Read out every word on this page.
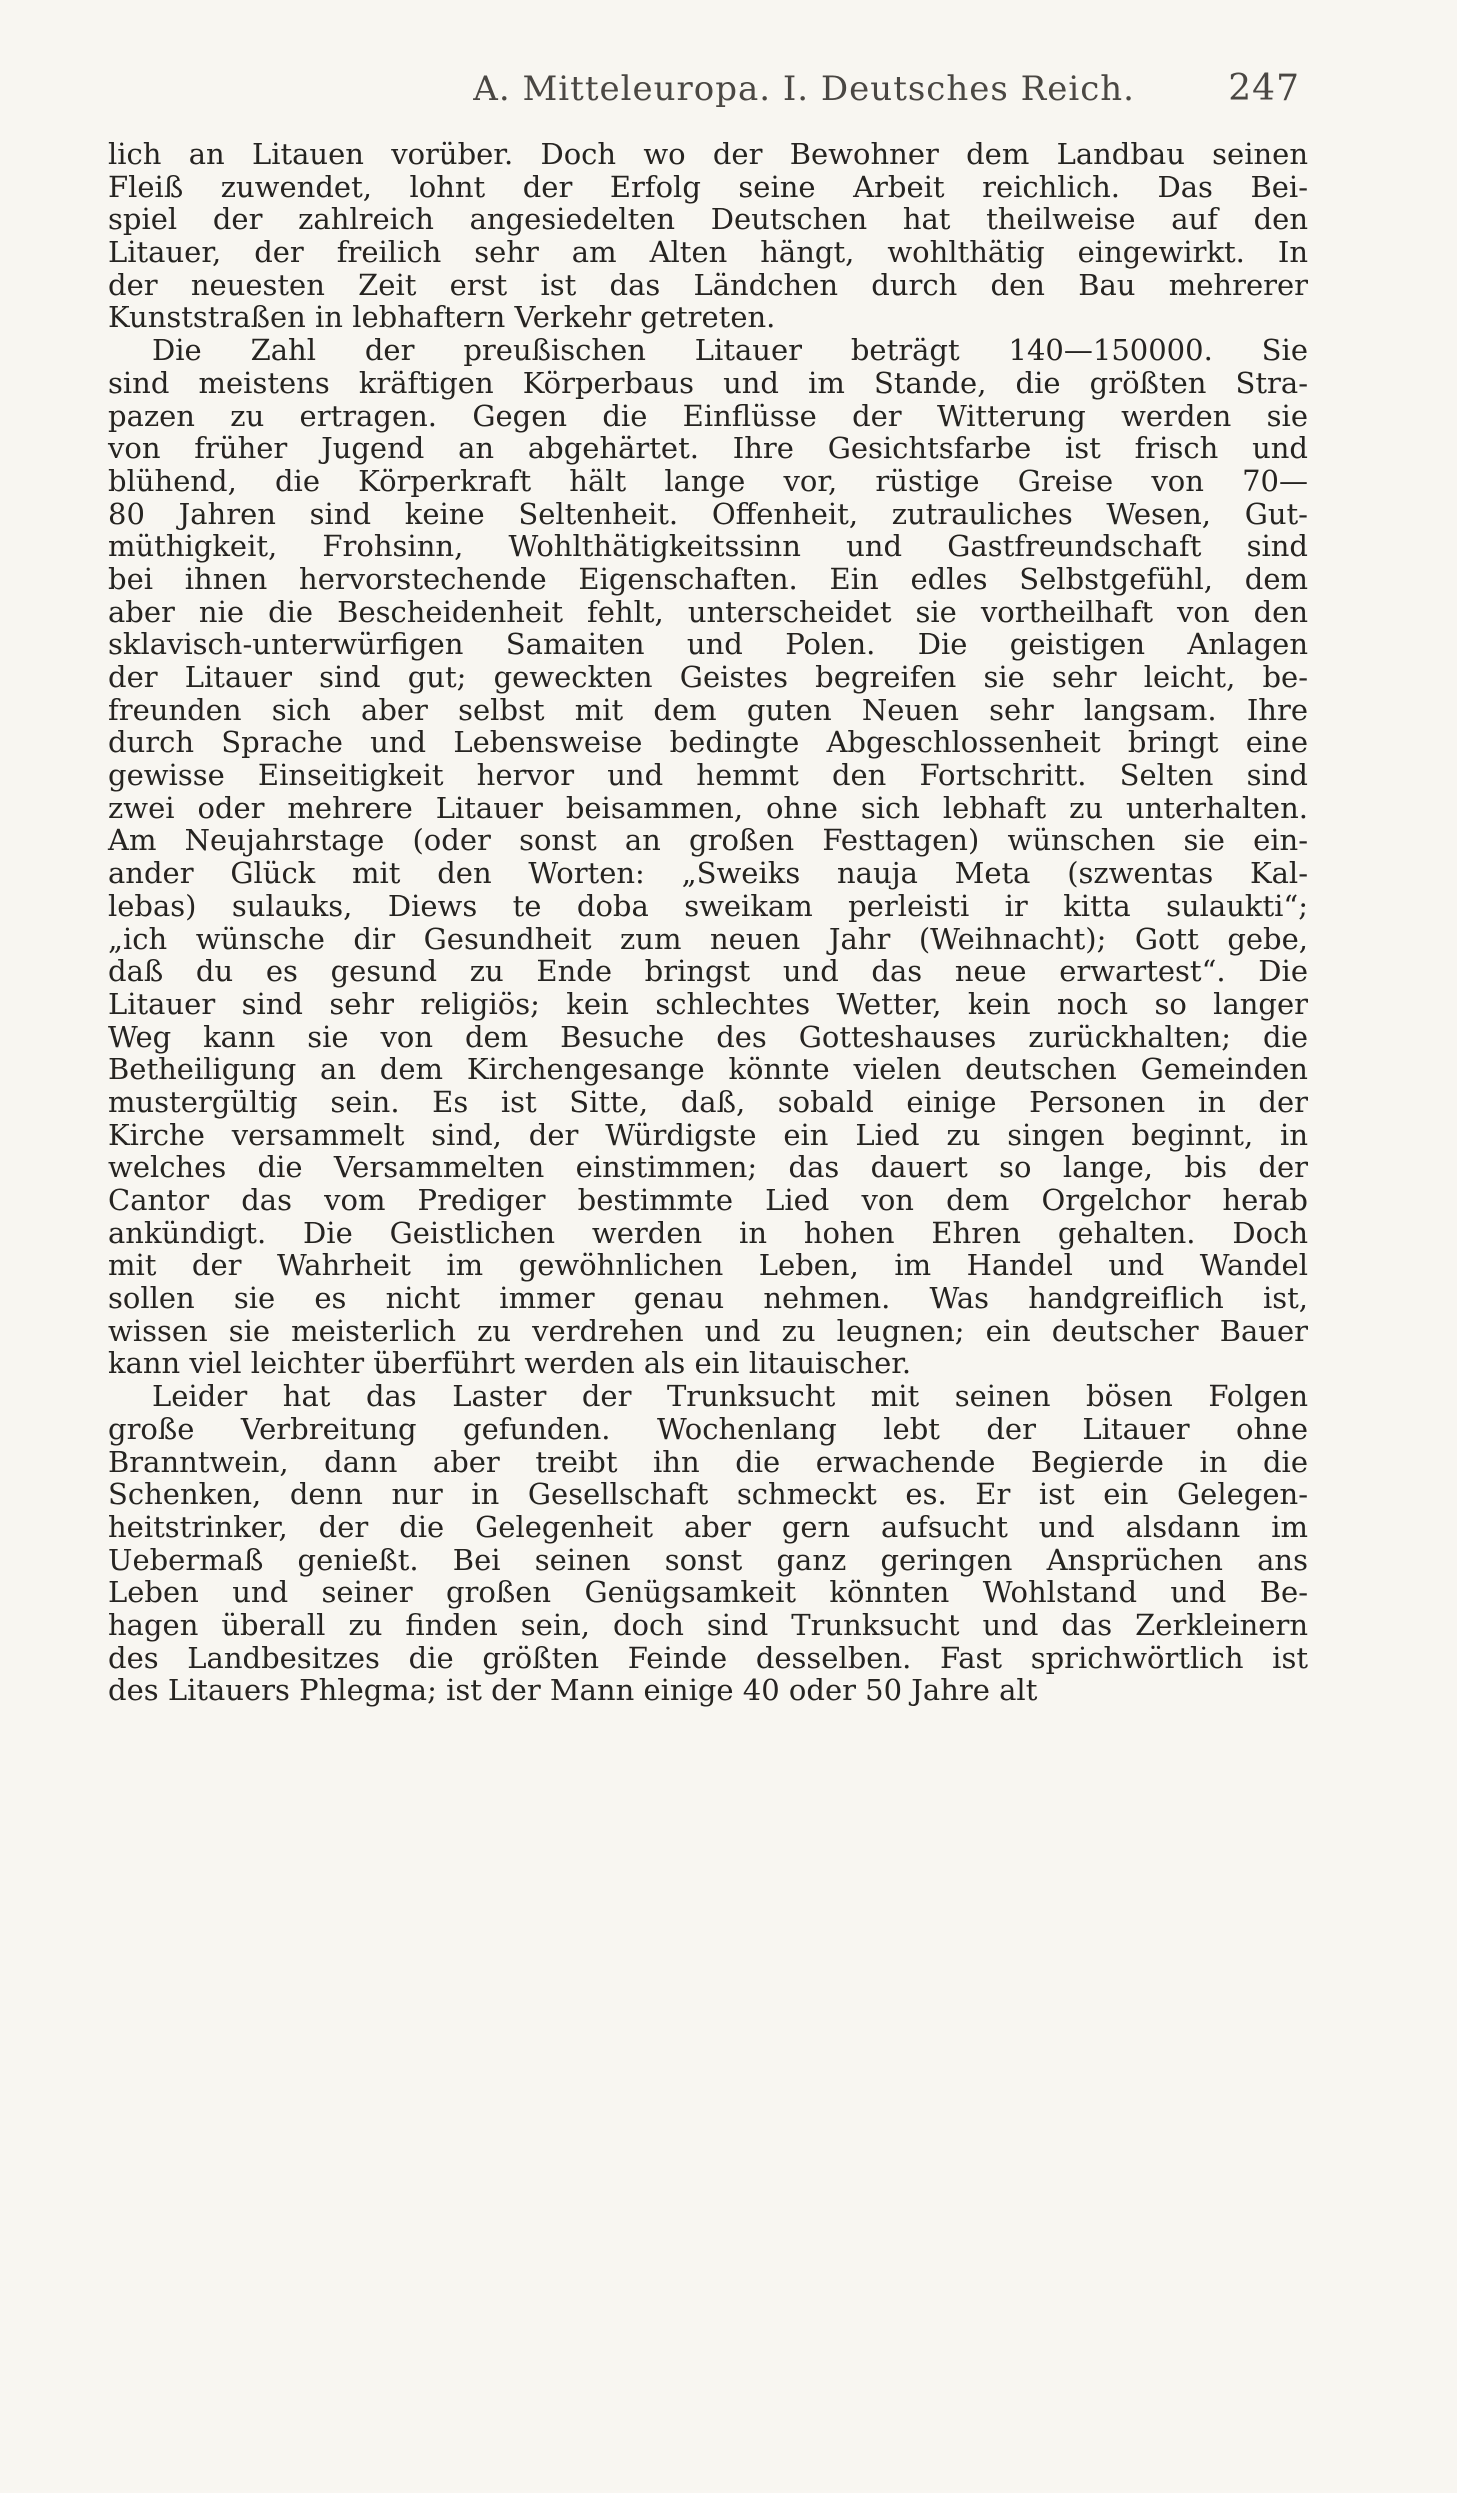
A. Mitteleuropa. I. Deutsches Reich.	247
lich an Litauen vorüber. Doch wo der Bewohner dem Landbau seinen
Fleiß zuwendet, lohnt der Erfolg seine Arbeit reichlich. Das Bei-
spiel der zahlreich angesiedelten Deutschen hat theilweise auf den
Litauer, der freilich sehr am Alten hängt, wohlthätig eingewirkt. In
der neuesten Zeit erst ist das Ländchen durch den Bau mehrerer
Kunststraßen in lebhaftern Verkehr getreten.
Die Zahl der preußischen Litauer beträgt 140—150000. Sie
sind meistens kräftigen Körperbaus und im Stande, die größten Stra-
pazen zu ertragen. Gegen die Einflüsse der Witterung werden sie
von früher Jugend an abgehärtet. Ihre Gesichtsfarbe ist frisch und
blühend, die Körperkraft hält lange vor, rüstige Greise von 70—
80 Jahren sind keine Seltenheit. Offenheit, zutrauliches Wesen, Gut-
müthigkeit, Frohsinn, Wohlthätigkeitssinn und Gastfreundschaft sind
bei ihnen hervorstechende Eigenschaften. Ein edles Selbstgefühl, dem
aber nie die Bescheidenheit fehlt, unterscheidet sie vortheilhaft von den
sklavisch-unterwürfigen Samaiten und Polen. Die geistigen Anlagen
der Litauer sind gut; geweckten Geistes begreifen sie sehr leicht, be-
freunden sich aber selbst mit dem guten Neuen sehr langsam. Ihre
durch Sprache und Lebensweise bedingte Abgeschlossenheit bringt eine
gewisse Einseitigkeit hervor und hemmt den Fortschritt. Selten sind
zwei oder mehrere Litauer beisammen, ohne sich lebhaft zu unterhalten.
Am Neujahrstage (oder sonst an großen Festtagen) wünschen sie ein-
ander Glück mit den Worten: „Sweiks nauja Meta (szwentas Kal-
lebas) sulauks, Diews te doba sweikam perleisti ir kitta sulaukti“;
„ich wünsche dir Gesundheit zum neuen Jahr (Weihnacht); Gott gebe,
daß du es gesund zu Ende bringst und das neue erwartest“. Die
Litauer sind sehr religiös; kein schlechtes Wetter, kein noch so langer
Weg kann sie von dem Besuche des Gotteshauses zurückhalten; die
Betheiligung an dem Kirchengesange könnte vielen deutschen Gemeinden
mustergültig sein. Es ist Sitte, daß, sobald einige Personen in der
Kirche versammelt sind, der Würdigste ein Lied zu singen beginnt, in
welches die Versammelten einstimmen; das dauert so lange, bis der
Cantor das vom Prediger bestimmte Lied von dem Orgelchor herab
ankündigt. Die Geistlichen werden in hohen Ehren gehalten. Doch
mit der Wahrheit im gewöhnlichen Leben, im Handel und Wandel
sollen sie es nicht immer genau nehmen. Was handgreiflich ist,
wissen sie meisterlich zu verdrehen und zu leugnen; ein deutscher Bauer
kann viel leichter überführt werden als ein litauischer.
Leider hat das Laster der Trunksucht mit seinen bösen Folgen
große Verbreitung gefunden. Wochenlang lebt der Litauer ohne
Branntwein, dann aber treibt ihn die erwachende Begierde in die
Schenken, denn nur in Gesellschaft schmeckt es. Er ist ein Gelegen-
heitstrinker, der die Gelegenheit aber gern aufsucht und alsdann im
Uebermaß genießt. Bei seinen sonst ganz geringen Ansprüchen ans
Leben und seiner großen Genügsamkeit könnten Wohlstand und Be-
hagen überall zu finden sein, doch sind Trunksucht und das Zerkleinern
des Landbesitzes die größten Feinde desselben. Fast sprichwörtlich ist
des Litauers Phlegma; ist der Mann einige 40 oder 50 Jahre alt
